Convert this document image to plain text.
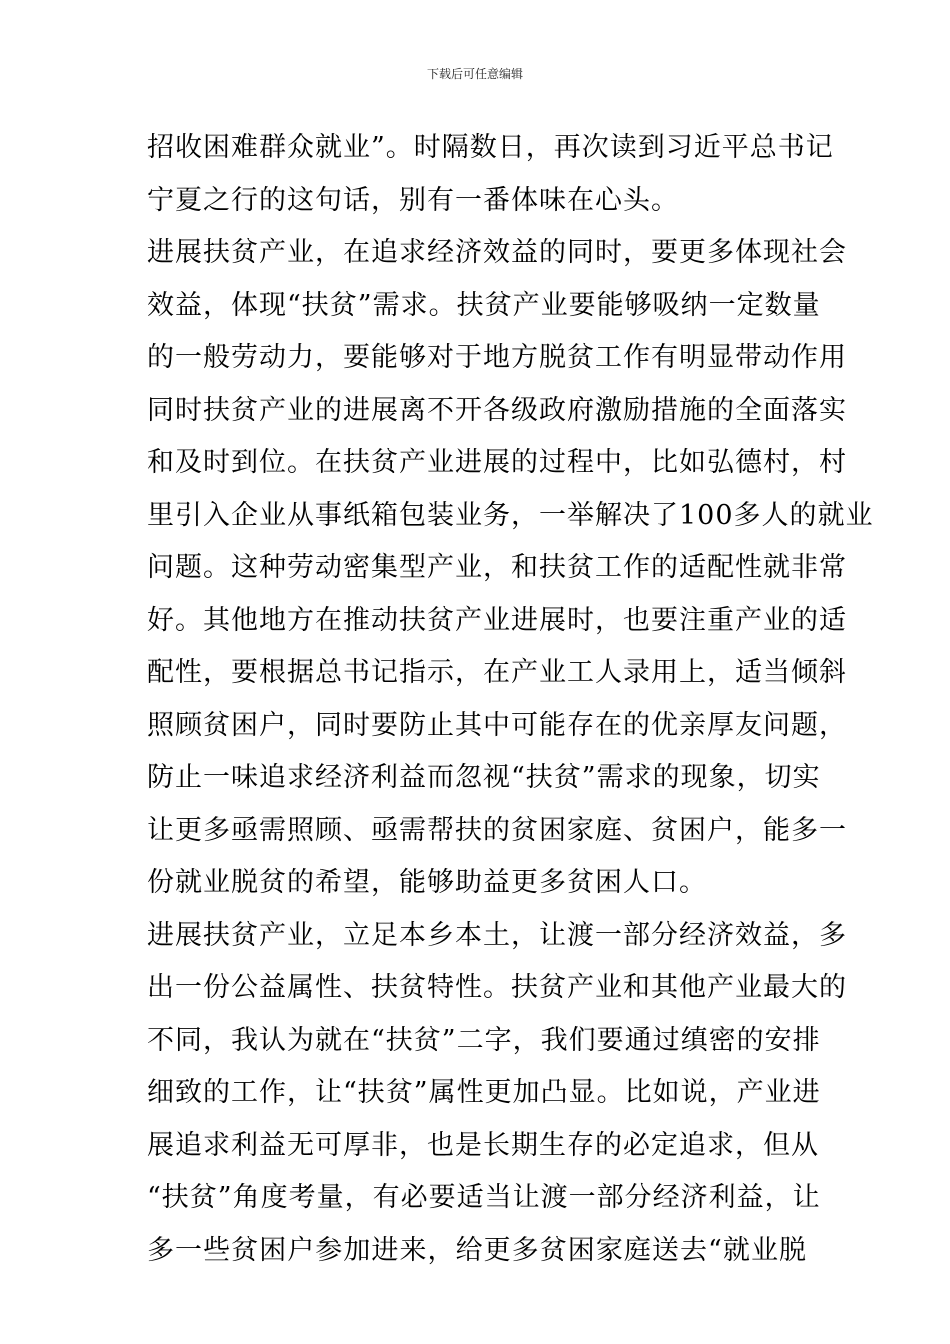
下载后可任意编辑
招收困难群众就业”。时隔数日，再次读到习近平总书记
宁夏之行的这句话，别有一番体味在心头。
进展扶贫产业，在追求经济效益的同时，要更多体现社会
效益，体现“扶贫”需求。扶贫产业要能够吸纳一定数量
的一般劳动力，要能够对于地方脱贫工作有明显带动作用
同时扶贫产业的进展离不开各级政府激励措施的全面落实
和及时到位。在扶贫产业进展的过程中，比如弘德村，村
里引入企业从事纸箱包装业务，一举解决了100多人的就业
问题。这种劳动密集型产业，和扶贫工作的适配性就非常
好。其他地方在推动扶贫产业进展时，也要注重产业的适
配性，要根据总书记指示，在产业工人录用上，适当倾斜
照顾贫困户，同时要防止其中可能存在的优亲厚友问题，
防止一味追求经济利益而忽视“扶贫”需求的现象，切实
让更多亟需照顾、亟需帮扶的贫困家庭、贫困户，能多一
份就业脱贫的希望，能够助益更多贫困人口。
进展扶贫产业，立足本乡本土，让渡一部分经济效益，多
出一份公益属性、扶贫特性。扶贫产业和其他产业最大的
不同，我认为就在“扶贫”二字，我们要通过缜密的安排
细致的工作，让“扶贫”属性更加凸显。比如说，产业进
展追求利益无可厚非，也是长期生存的必定追求，但从
“扶贫”角度考量，有必要适当让渡一部分经济利益，让
多一些贫困户参加进来，给更多贫困家庭送去“就业脱
